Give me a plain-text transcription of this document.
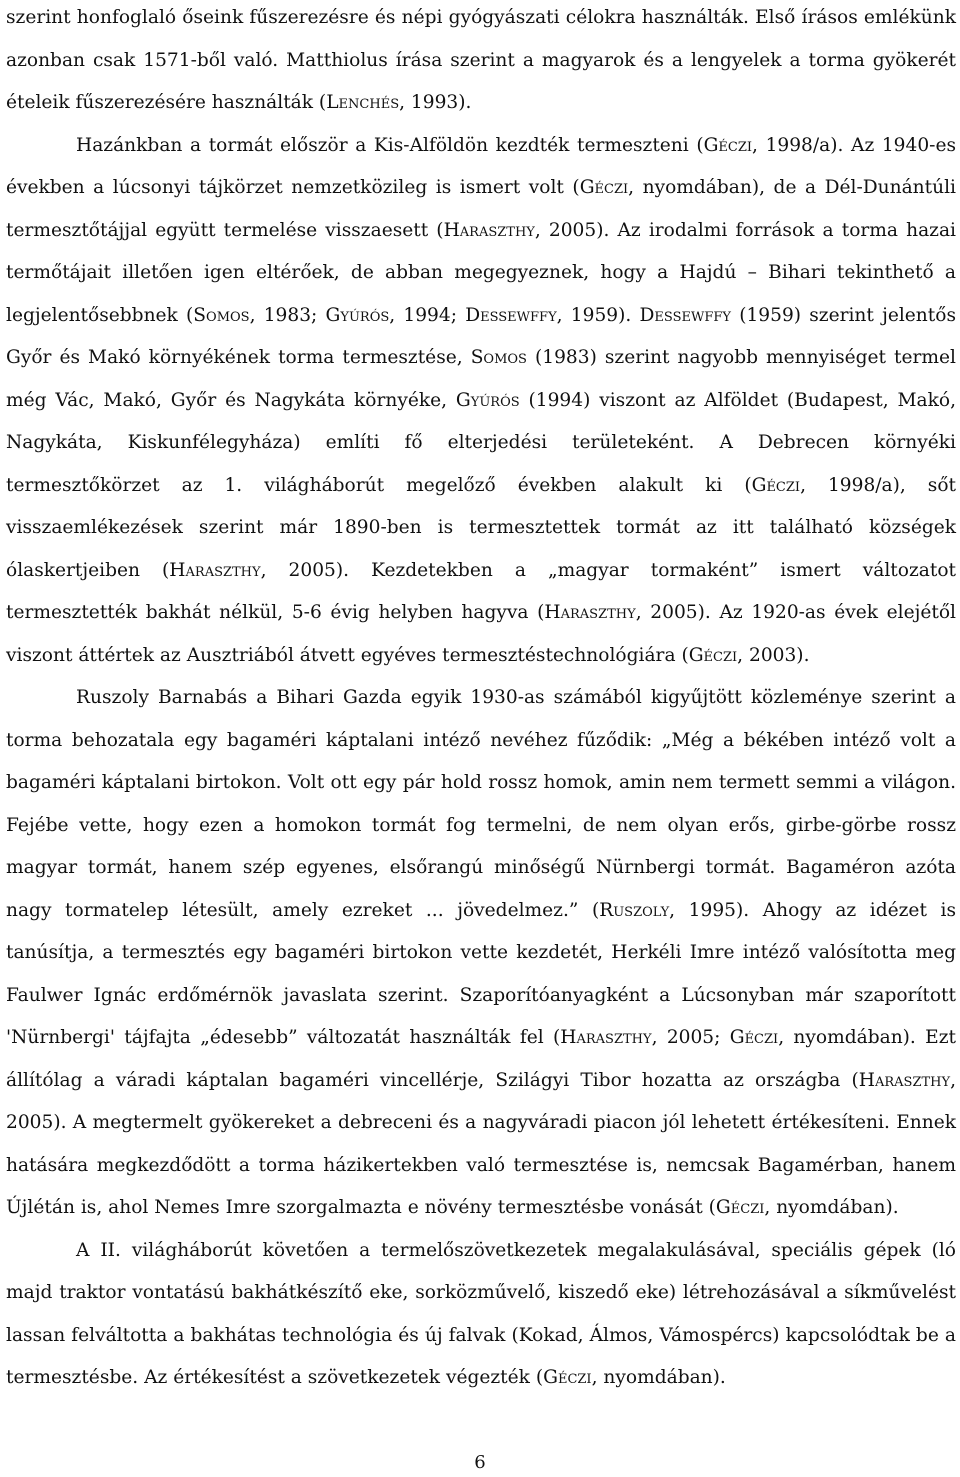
szerint honfoglaló őseink fűszerezésre és népi gyógyászati célokra használták. Első írásos emlékünk azonban csak 1571-ből való. Matthiolus írása szerint a magyarok és a lengyelek a torma gyökerét ételeik fűszerezésére használták (Lenchés, 1993).

Hazánkban a tormát először a Kis-Alföldön kezdték termeszteni (Géczi, 1998/a). Az 1940-es években a lúcsonyi tájkörzet nemzetközileg is ismert volt (Géczi, nyomdában), de a Dél-Dunántúli termesztőtájjal együtt termelése visszaesett (Haraszthy, 2005). Az irodalmi források a torma hazai termőtájait illetően igen eltérőek, de abban megegyeznek, hogy a Hajdú – Bihari tekinthető a legjelentősebbnek (Somos, 1983; Gyúrós, 1994; Dessewffy, 1959). Dessewffy (1959) szerint jelentős Győr és Makó környékének torma termesztése, Somos (1983) szerint nagyobb mennyiséget termel még Vác, Makó, Győr és Nagykáta környéke, Gyúrós (1994) viszont az Alföldet (Budapest, Makó, Nagykáta, Kiskunfélegyháza) említi fő elterjedési területeként. A Debrecen környéki termesztőkörzet az 1. világháborút megelőző években alakult ki (Géczi, 1998/a), sőt visszaemlékezések szerint már 1890-ben is termesztettek tormát az itt található községek ólaskertjeiben (Haraszthy, 2005). Kezdetekben a „magyar tormaként” ismert változatot termesztették bakhát nélkül, 5-6 évig helyben hagyva (Haraszthy, 2005). Az 1920-as évek elejétől viszont áttértek az Ausztriából átvett egyéves termesztéstechnológiára (Géczi, 2003).

Ruszoly Barnabás a Bihari Gazda egyik 1930-as számából kigyűjtött közleménye szerint a torma behozatala egy bagaméri káptalani intéző nevéhez fűződik: „Még a békében intéző volt a bagaméri káptalani birtokon. Volt ott egy pár hold rossz homok, amin nem termett semmi a világon. Fejébe vette, hogy ezen a homokon tormát fog termelni, de nem olyan erős, girbe-görbe rossz magyar tormát, hanem szép egyenes, elsőrangú minőségű Nürnbergi tormát. Bagaméron azóta nagy tormatelep létesült, amely ezreket ... jövedelmez.” (Ruszoly, 1995). Ahogy az idézet is tanúsítja, a termesztés egy bagaméri birtokon vette kezdetét, Herkéli Imre intéző valósította meg Faulwer Ignác erdőmérnök javaslata szerint. Szaporítóanyagként a Lúcsonyban már szaporított 'Nürnbergi' tájfajta „édesebb” változatát használták fel (Haraszthy, 2005; Géczi, nyomdában). Ezt állítólag a váradi káptalan bagaméri vincellérje, Szilágyi Tibor hozatta az országba (Haraszthy, 2005). A megtermelt gyökereket a debreceni és a nagyváradi piacon jól lehetett értékesíteni. Ennek hatására megkezdődött a torma házikertekben való termesztése is, nemcsak Bagamérban, hanem Újlétán is, ahol Nemes Imre szorgalmazta e növény termesztésbe vonását (Géczi, nyomdában).

A II. világháborút követően a termelőszövetkezetek megalakulásával, speciális gépek (ló majd traktor vontatású bakhátkészítő eke, sorközművelő, kiszedő eke) létrehozásával a síkművelést lassan felváltotta a bakhátas technológia és új falvak (Kokad, Álmos, Vámospércs) kapcsolódtak be a termesztésbe. Az értékesítést a szövetkezetek végezték (Géczi, nyomdában).

6
